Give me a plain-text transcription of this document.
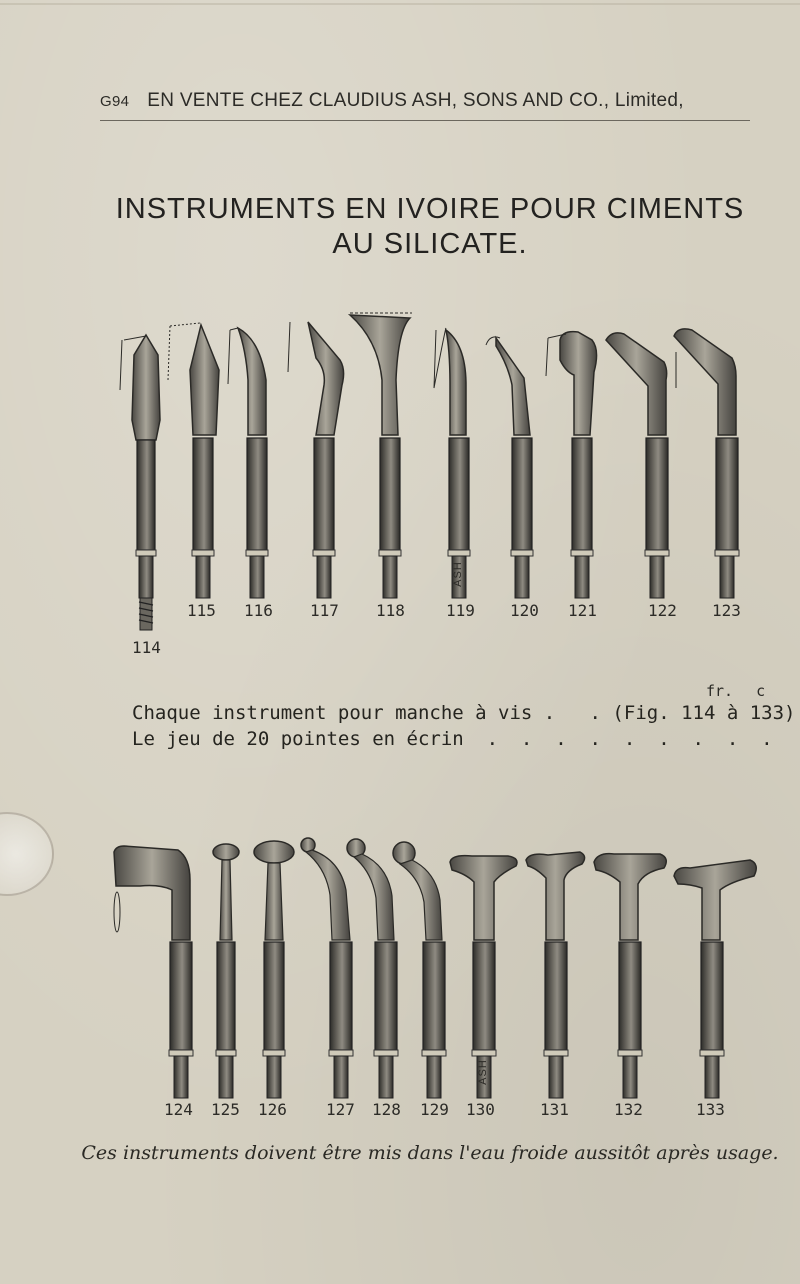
G94 EN VENTE CHEZ CLAUDIUS ASH, SONS AND CO., Limited,
INSTRUMENTS EN IVOIRE POUR CIMENTS
AU SILICATE.
ASH
ASH
114
115 116 117 118	119 120 121	122 123
fr. c
Chaque instrument pour manche à vis .   . (Fig. 114 à 133)
Le jeu de 20 pointes en écrin  .  .  .  .  .  .  .  .  .
124 125 126 127 128 129 130	131	132	133
Ces instruments doivent être mis dans l'eau froide aussitôt après usage.
